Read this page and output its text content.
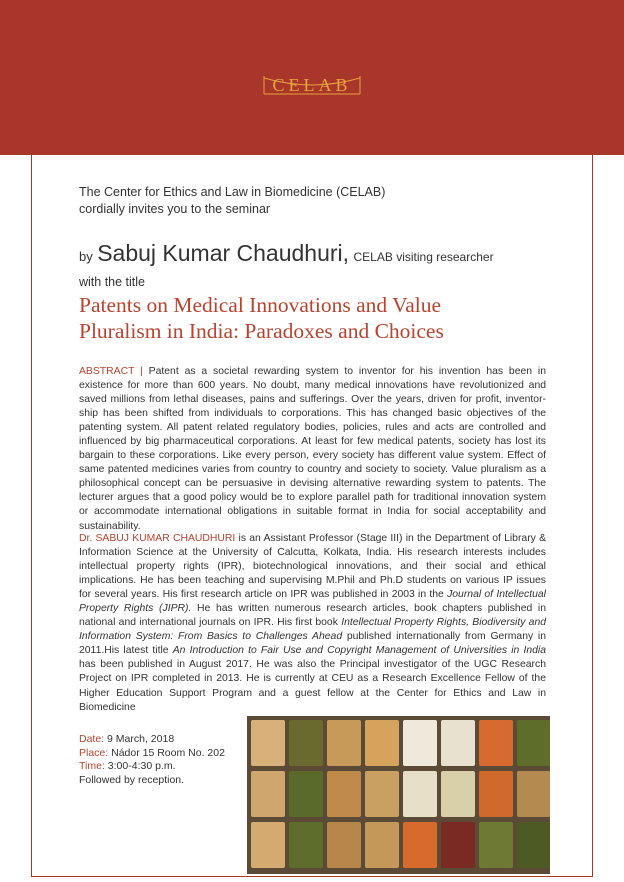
CELAB
The Center for Ethics and Law in Biomedicine (CELAB)
cordially invites you to the seminar
by Sabuj Kumar Chaudhuri, CELAB visiting researcher
with the title
Patents on Medical Innovations and Value
Pluralism in India: Paradoxes and Choices

ABSTRACT | Patent as a societal rewarding system to inventor for his invention has been in existence for more than 600 years. No doubt, many medical innovations have revolutionized and saved millions from lethal diseases, pains and sufferings. Over the years, driven for profit, inventor-ship has been shifted from individuals to corporations. This has changed basic objectives of the patenting system. All patent related regulatory bodies, policies, rules and acts are controlled and influenced by big pharmaceutical corporations. At least for few medical patents, society has lost its bargain to these corporations. Like every person, every society has different value system. Effect of same patented medicines varies from country to country and society to society. Value pluralism as a philosophical concept can be persuasive in devising alternative rewarding system to patents. The lecturer argues that a good policy would be to explore parallel path for traditional innovation system or accommodate international obligations in suitable format in India for social acceptability and sustainability.

Dr. SABUJ KUMAR CHAUDHURI is an Assistant Professor (Stage III) in the Department of Library & Information Science at the University of Calcutta, Kolkata, India. His research interests includes intellectual property rights (IPR), biotechnological innovations, and their social and ethical implications. He has been teaching and supervising M.Phil and Ph.D students on various IP issues for several years. His first research article on IPR was published in 2003 in the Journal of Intellectual Property Rights (JIPR). He has written numerous research articles, book chapters published in national and international journals on IPR. His first book Intellectual Property Rights, Biodiversity and Information System: From Basics to Challenges Ahead published internationally from Germany in 2011.His latest title An Introduction to Fair Use and Copyright Management of Universities in India has been published in August 2017. He was also the Principal investigator of the UGC Research Project on IPR completed in 2013. He is currently at CEU as a Research Excellence Fellow of the Higher Education Support Program and a guest fellow at the Center for Ethics and Law in Biomedicine

Date: 9 March, 2018
Place: Nádor 15 Room No. 202
Time: 3:00-4:30 p.m.
Followed by reception.
